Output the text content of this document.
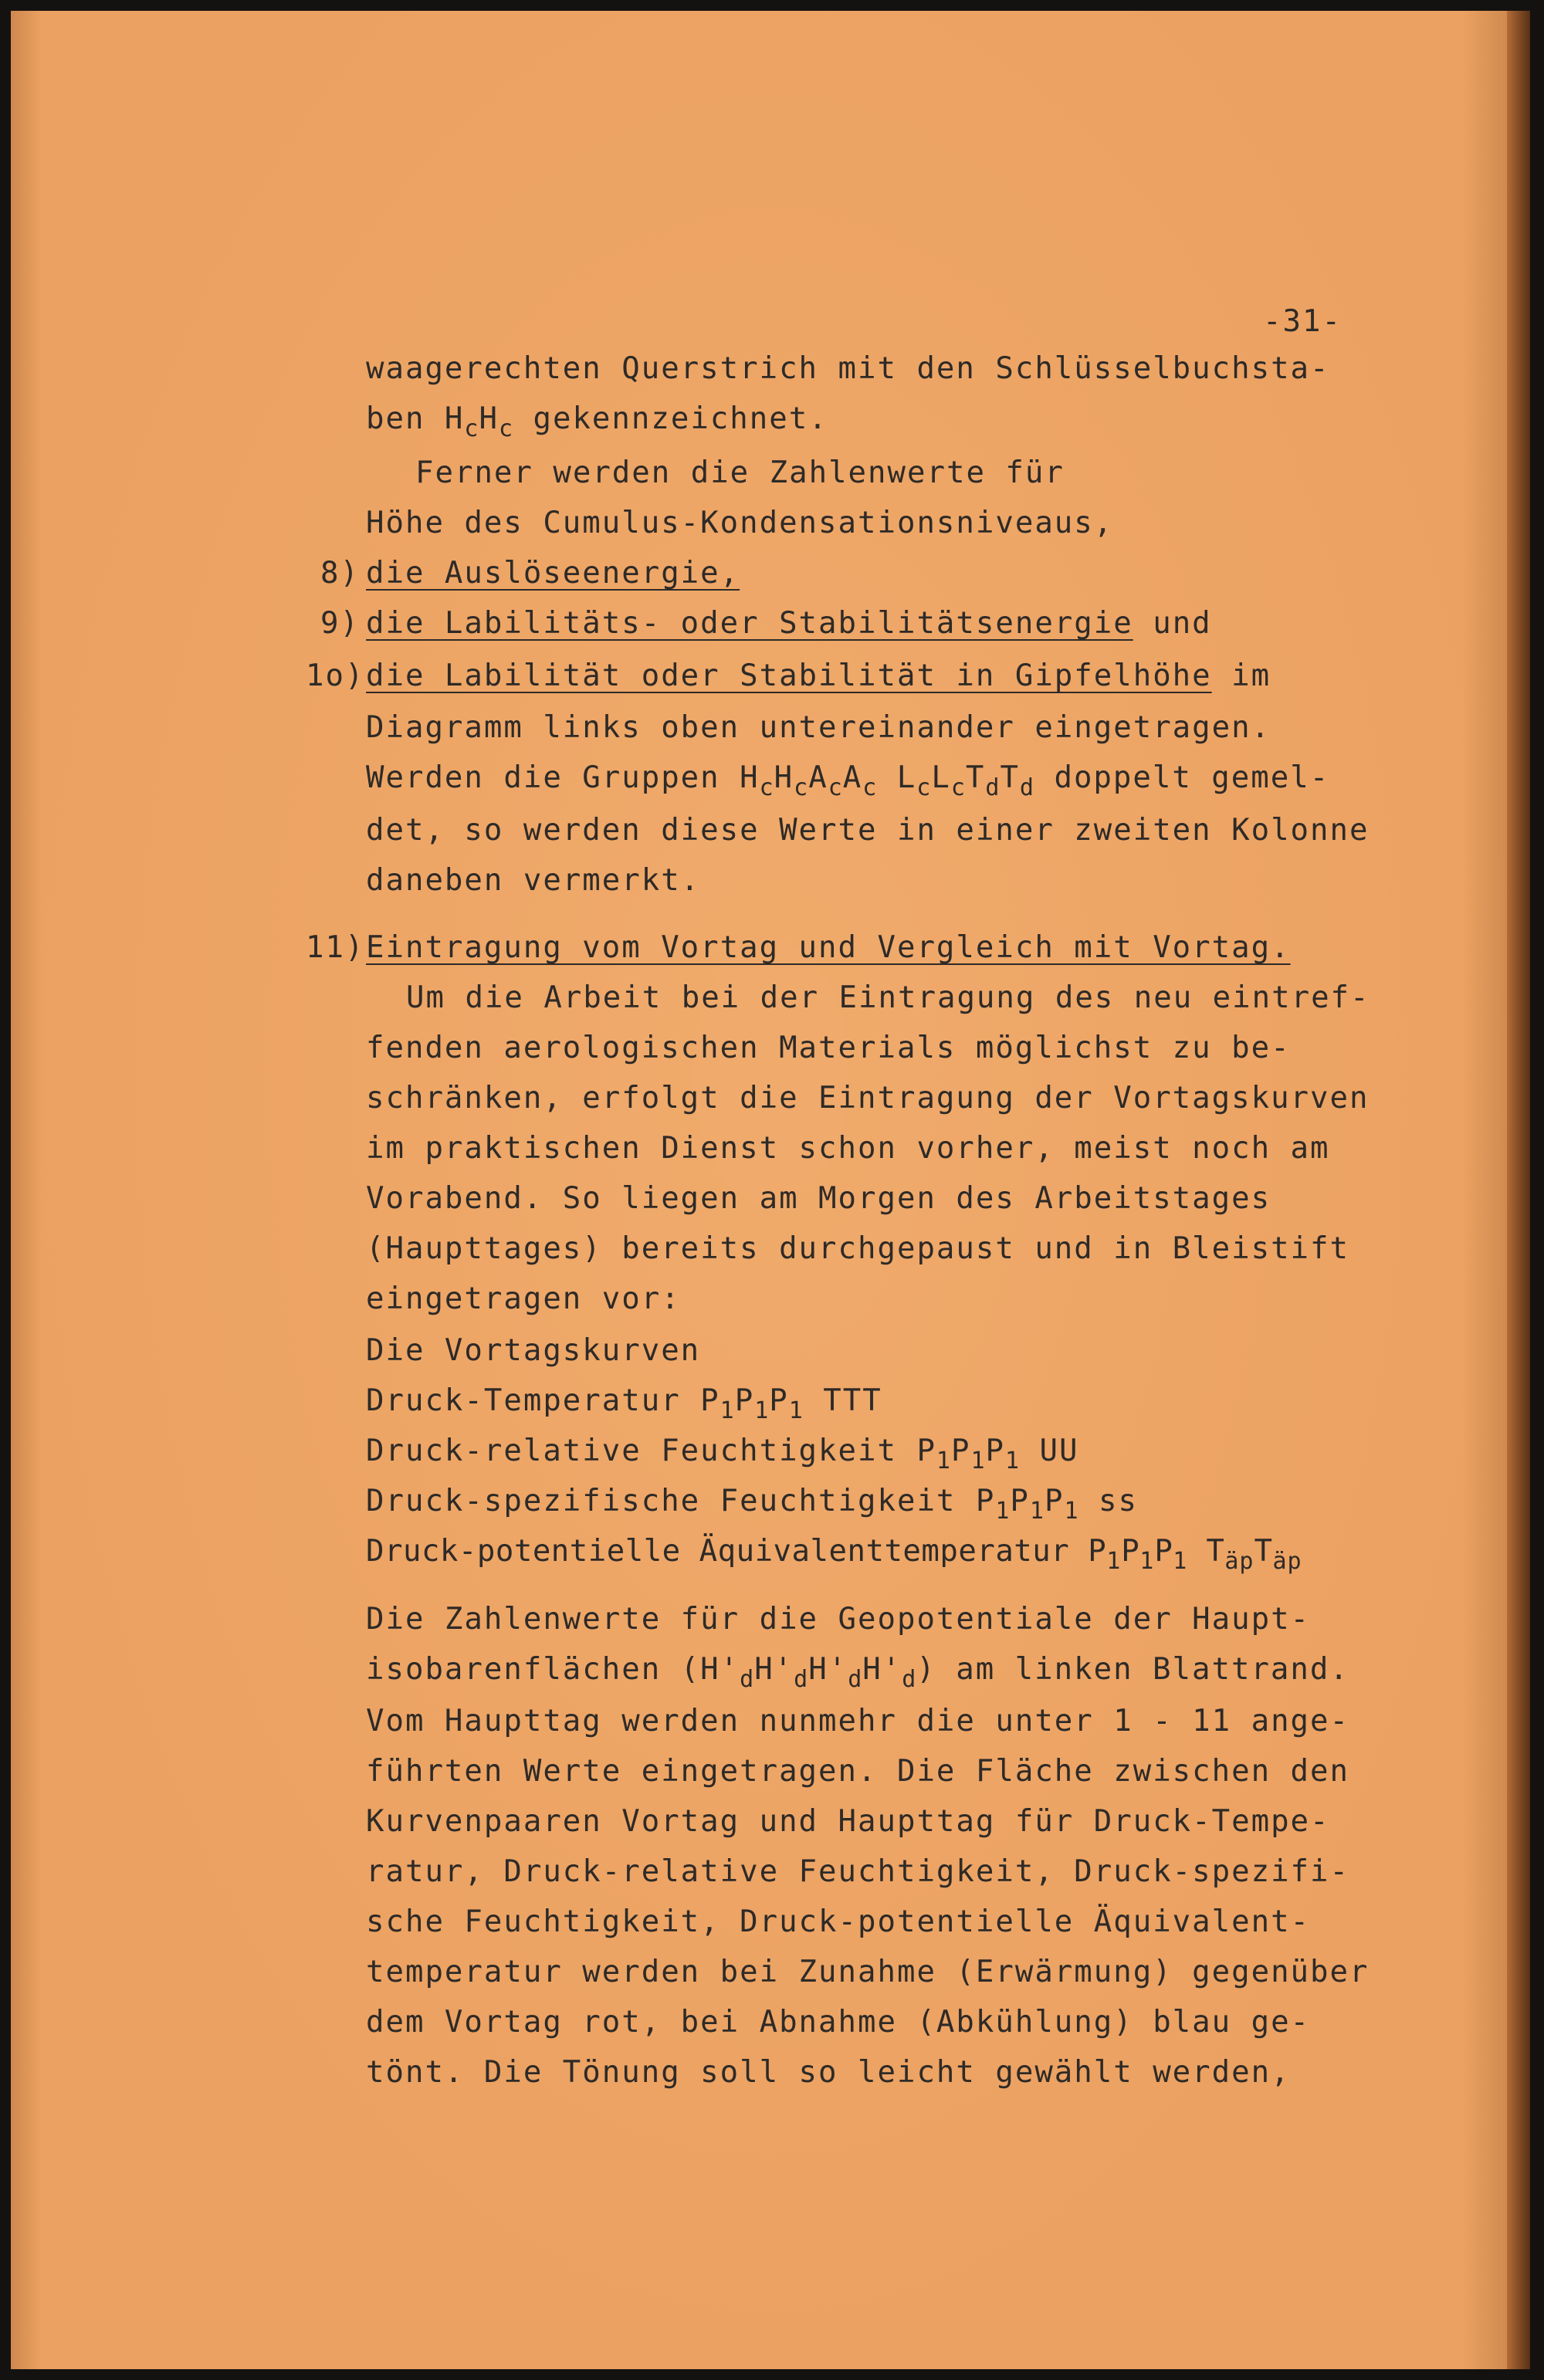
-31-
waagerechten Querstrich mit den Schlüsselbuchsta-
ben $H_cH_c$ gekennzeichnet.
Ferner werden die Zahlenwerte für
Höhe des Cumulus-Kondensationsniveaus,
8) die Auslöseenergie,
9) die Labilitäts- oder Stabilitätsenergie und
1o) die Labilität oder Stabilität in Gipfelhöhe im
Diagramm links oben untereinander eingetragen.
Werden die Gruppen $H_cH_cA_cA_c$ $L_cL_cT_dT_d$ doppelt gemel-
det, so werden diese Werte in einer zweiten Kolonne
daneben vermerkt.
11) Eintragung vom Vortag und Vergleich mit Vortag.
Um die Arbeit bei der Eintragung des neu eintref-
fenden aerologischen Materials möglichst zu be-
schränken, erfolgt die Eintragung der Vortagskurven
im praktischen Dienst schon vorher, meist noch am
Vorabend. So liegen am Morgen des Arbeitstages
(Haupttages) bereits durchgepaust und in Bleistift
eingetragen vor:
Die Vortagskurven
Druck-Temperatur $P_1P_1P_1$ TTT
Druck-relative Feuchtigkeit $P_1P_1P_1$ UU
Druck-spezifische Feuchtigkeit $P_1P_1P_1$ ss
Druck-potentielle Äquivalenttemperatur $P_1P_1P_1$ $T_{äp}T_{äp}$
Die Zahlenwerte für die Geopotentiale der Haupt-
isobarenflächen $(H'_dH'_dH'_dH'_d)$ am linken Blattrand.
Vom Haupttag werden nunmehr die unter 1 - 11 ange-
führten Werte eingetragen. Die Fläche zwischen den
Kurvenpaaren Vortag und Haupttag für Druck-Tempe-
ratur, Druck-relative Feuchtigkeit, Druck-spezifi-
sche Feuchtigkeit, Druck-potentielle Äquivalent-
temperatur werden bei Zunahme (Erwärmung) gegenüber
dem Vortag rot, bei Abnahme (Abkühlung) blau ge-
tönt. Die Tönung soll so leicht gewählt werden,
